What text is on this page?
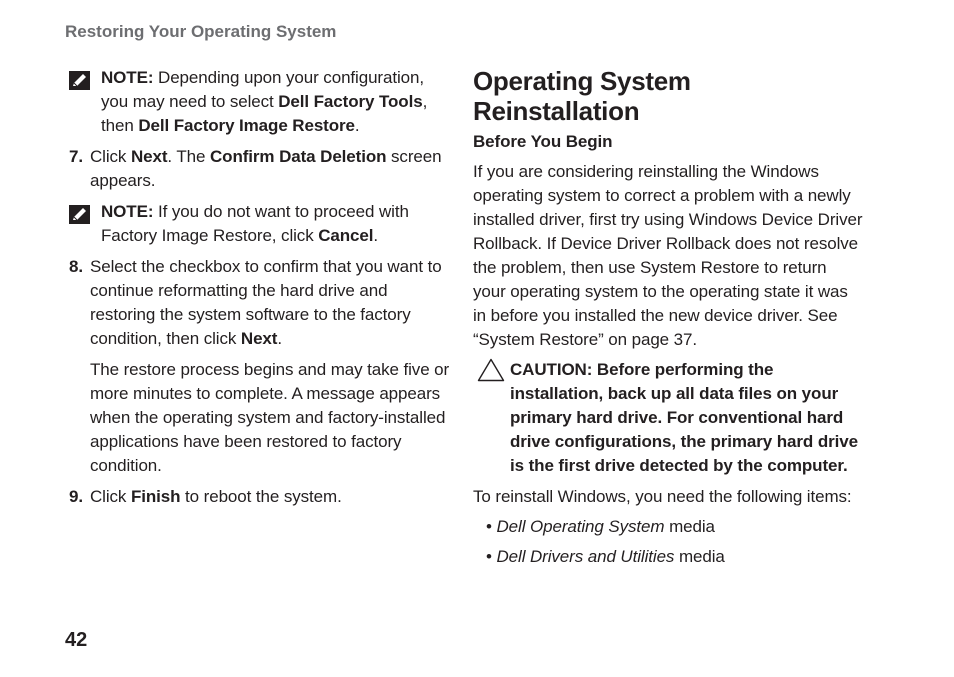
Restoring Your Operating System

NOTE: Depending upon your configuration, you may need to select Dell Factory Tools, then Dell Factory Image Restore.

7. Click Next. The Confirm Data Deletion screen appears.

NOTE: If you do not want to proceed with Factory Image Restore, click Cancel.

8. Select the checkbox to confirm that you want to continue reformatting the hard drive and restoring the system software to the factory condition, then click Next.

The restore process begins and may take five or more minutes to complete. A message appears when the operating system and factory-installed applications have been restored to factory condition.

9. Click Finish to reboot the system.

Operating System Reinstallation

Before You Begin

If you are considering reinstalling the Windows operating system to correct a problem with a newly installed driver, first try using Windows Device Driver Rollback. If Device Driver Rollback does not resolve the problem, then use System Restore to return your operating system to the operating state it was in before you installed the new device driver. See “System Restore” on page 37.

CAUTION: Before performing the installation, back up all data files on your primary hard drive. For conventional hard drive configurations, the primary hard drive is the first drive detected by the computer.

To reinstall Windows, you need the following items:

• Dell Operating System media

• Dell Drivers and Utilities media

42
